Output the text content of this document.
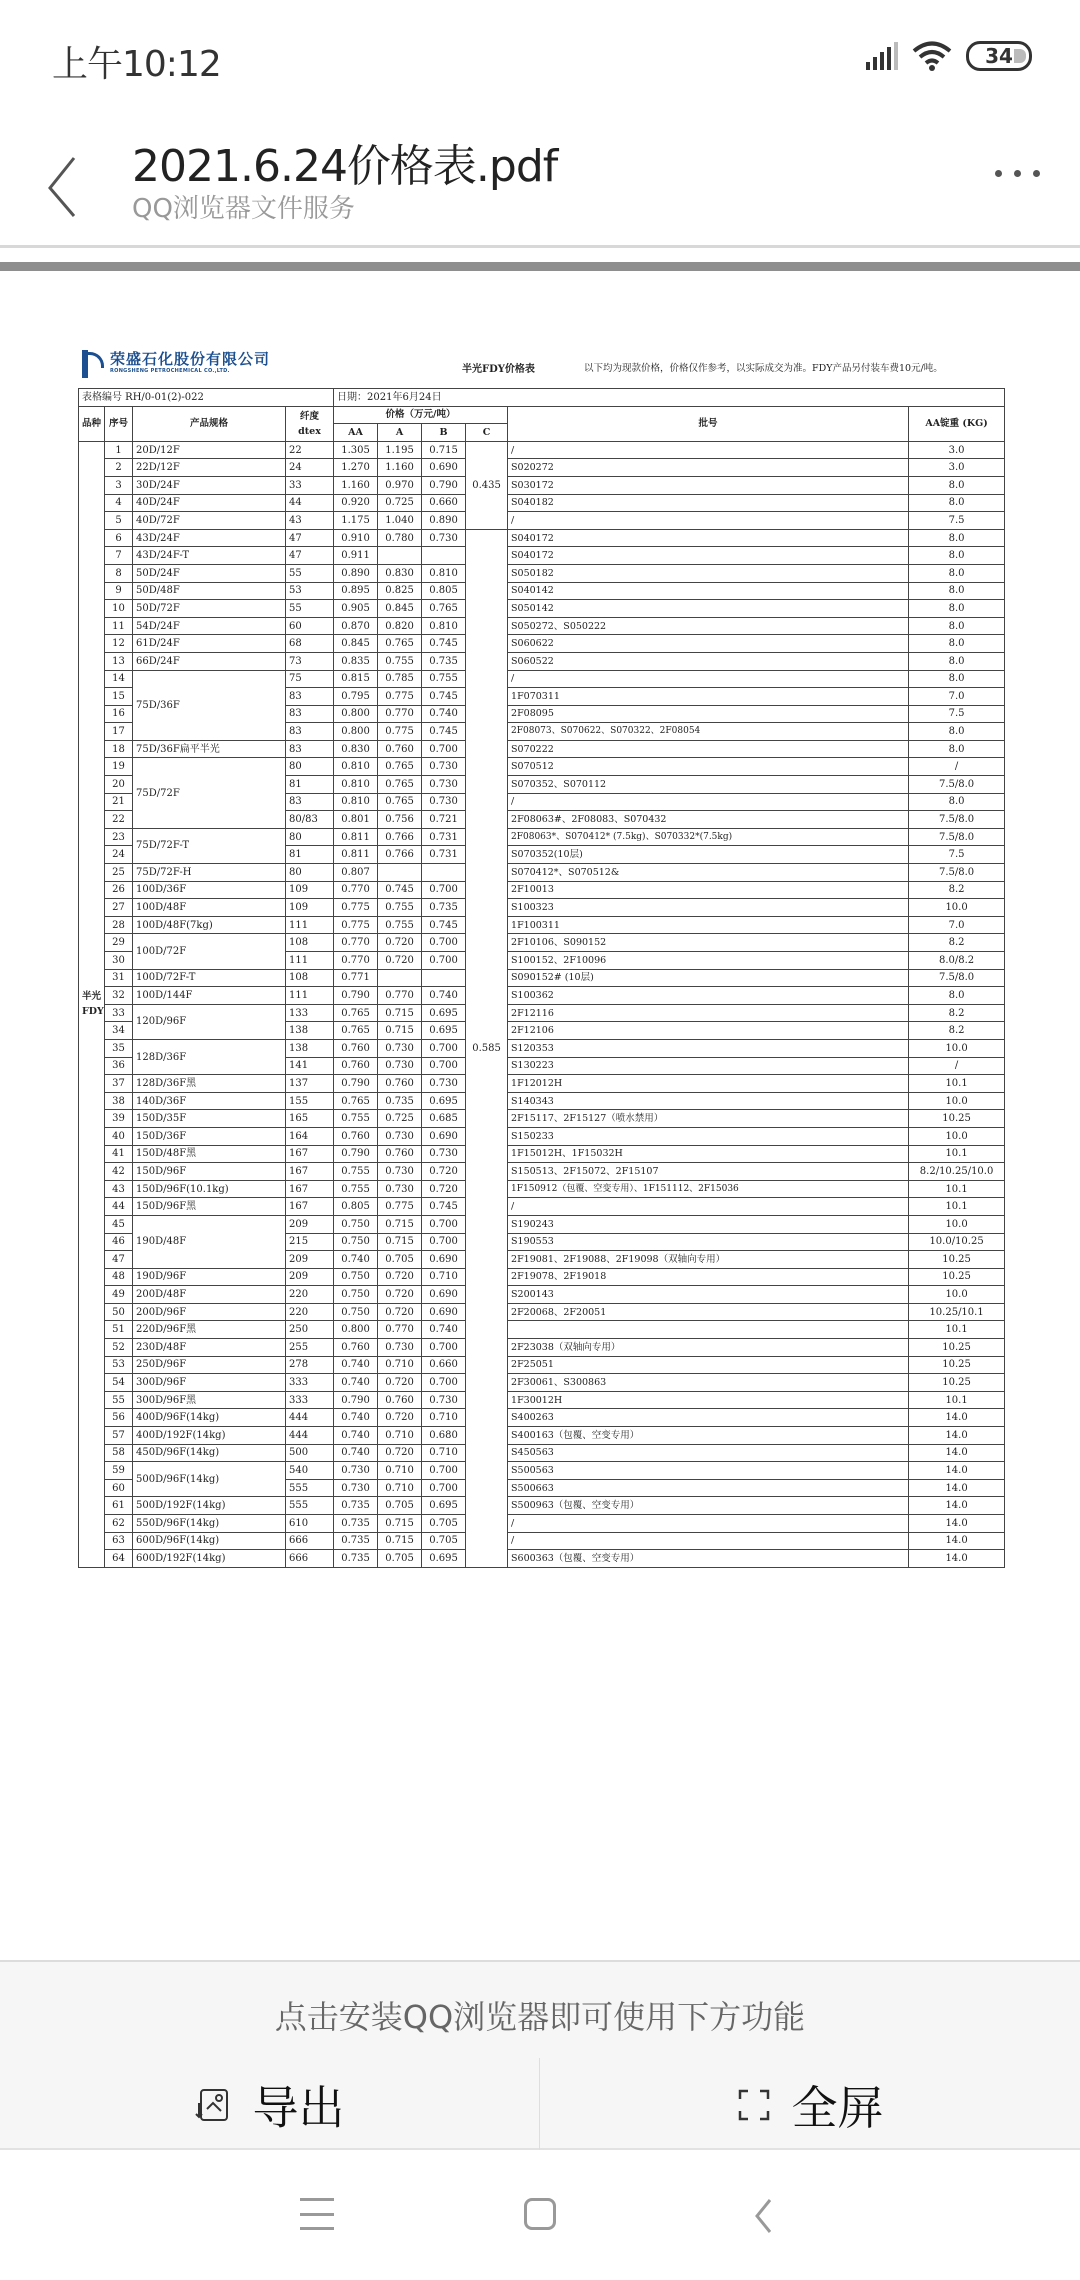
上午10:12	34
2021.6.24价格表.pdf
QQ浏览器文件服务
荣盛石化股份有限公司
RONGSHENG PETROCHEMICAL CO.,LTD.	半光FDY价格表	以下均为现款价格，价格仅作参考，以实际成交为准。FDY产品另付装车费10元/吨。
表格编号 RH/0-01(2)-022				日期：2021年6月24日					
品种	序号	产品规格	纤度 dtex	价格（万元/吨）				批号	AA锭重 (KG)
				AA	A	B	C		
半光 FDY	1	20D/12F	22	1.305	1.195	0.715	0.435	/	3.0
	2	22D/12F	24	1.270	1.160	0.690		S020272	3.0
	3	30D/24F	33	1.160	0.970	0.790		S030172	8.0
	4	40D/24F	44	0.920	0.725	0.660		S040182	8.0
	5	40D/72F	43	1.175	1.040	0.890		/	7.5
	6	43D/24F	47	0.910	0.780	0.730	0.585	S040172	8.0
	7	43D/24F-T	47	0.911				S040172	8.0
	8	50D/24F	55	0.890	0.830	0.810		S050182	8.0
	9	50D/48F	53	0.895	0.825	0.805		S040142	8.0
	10	50D/72F	55	0.905	0.845	0.765		S050142	8.0
	11	54D/24F	60	0.870	0.820	0.810		S050272、S050222	8.0
	12	61D/24F	68	0.845	0.765	0.745		S060622	8.0
	13	66D/24F	73	0.835	0.755	0.735		S060522	8.0
	14	75D/36F	75	0.815	0.785	0.755		/	8.0
	15		83	0.795	0.775	0.745		1F070311	7.0
	16		83	0.800	0.770	0.740		2F08095	7.5
	17		83	0.800	0.775	0.745		2F08073、S070622、S070322、2F08054	8.0
	18	75D/36F扁平半光	83	0.830	0.760	0.700		S070222	8.0
	19	75D/72F	80	0.810	0.765	0.730		S070512	/
	20		81	0.810	0.765	0.730		S070352、S070112	7.5/8.0
	21		83	0.810	0.765	0.730		/	8.0
	22		80/83	0.801	0.756	0.721		2F08063#、2F08083、S070432	7.5/8.0
	23	75D/72F-T	80	0.811	0.766	0.731		2F08063*、S070412* (7.5kg)、S070332*(7.5kg)	7.5/8.0
	24		81	0.811	0.766	0.731		S070352(10层)	7.5
	25	75D/72F-H	80	0.807				S070412*、S070512&	7.5/8.0
	26	100D/36F	109	0.770	0.745	0.700		2F10013	8.2
	27	100D/48F	109	0.775	0.755	0.735		S100323	10.0
	28	100D/48F(7kg)	111	0.775	0.755	0.745		1F100311	7.0
	29	100D/72F	108	0.770	0.720	0.700		2F10106、S090152	8.2
	30		111	0.770	0.720	0.700		S100152、2F10096	8.0/8.2
	31	100D/72F-T	108	0.771				S090152# (10层)	7.5/8.0
	32	100D/144F	111	0.790	0.770	0.740		S100362	8.0
	33	120D/96F	133	0.765	0.715	0.695		2F12116	8.2
	34		138	0.765	0.715	0.695		2F12106	8.2
	35	128D/36F	138	0.760	0.730	0.700		S120353	10.0
	36		141	0.760	0.730	0.700		S130223	/
	37	128D/36F黑	137	0.790	0.760	0.730		1F12012H	10.1
	38	140D/36F	155	0.765	0.735	0.695		S140343	10.0
	39	150D/35F	165	0.755	0.725	0.685		2F15117、2F15127（喷水禁用）	10.25
	40	150D/36F	164	0.760	0.730	0.690		S150233	10.0
	41	150D/48F黑	167	0.790	0.760	0.730		1F15012H、1F15032H	10.1
	42	150D/96F	167	0.755	0.730	0.720		S150513、2F15072、2F15107	8.2/10.25/10.0
	43	150D/96F(10.1kg)	167	0.755	0.730	0.720		1F150912（包覆、空变专用）、1F151112、2F15036	10.1
	44	150D/96F黑	167	0.805	0.775	0.745		/	10.1
	45	190D/48F	209	0.750	0.715	0.700		S190243	10.0
	46		215	0.750	0.715	0.700		S190553	10.0/10.25
	47		209	0.740	0.705	0.690		2F19081、2F19088、2F19098（双轴向专用）	10.25
	48	190D/96F	209	0.750	0.720	0.710		2F19078、2F19018	10.25
	49	200D/48F	220	0.750	0.720	0.690		S200143	10.0
	50	200D/96F	220	0.750	0.720	0.690		2F20068、2F20051	10.25/10.1
	51	220D/96F黑	250	0.800	0.770	0.740			10.1
	52	230D/48F	255	0.760	0.730	0.700		2F23038（双轴向专用）	10.25
	53	250D/96F	278	0.740	0.710	0.660		2F25051	10.25
	54	300D/96F	333	0.740	0.720	0.700		2F30061、S300863	10.25
	55	300D/96F黑	333	0.790	0.760	0.730		1F30012H	10.1
	56	400D/96F(14kg)	444	0.740	0.720	0.710		S400263	14.0
	57	400D/192F(14kg)	444	0.740	0.710	0.680		S400163（包覆、空变专用）	14.0
	58	450D/96F(14kg)	500	0.740	0.720	0.710		S450563	14.0
	59	500D/96F(14kg)	540	0.730	0.710	0.700		S500563	14.0
	60		555	0.730	0.710	0.700		S500663	14.0
	61	500D/192F(14kg)	555	0.735	0.705	0.695		S500963（包覆、空变专用）	14.0
	62	550D/96F(14kg)	610	0.735	0.715	0.705		/	14.0
	63	600D/96F(14kg)	666	0.735	0.715	0.705		/	14.0
	64	600D/192F(14kg)	666	0.735	0.705	0.695		S600363（包覆、空变专用）	14.0
点击安装QQ浏览器即可使用下方功能
导出	全屏
